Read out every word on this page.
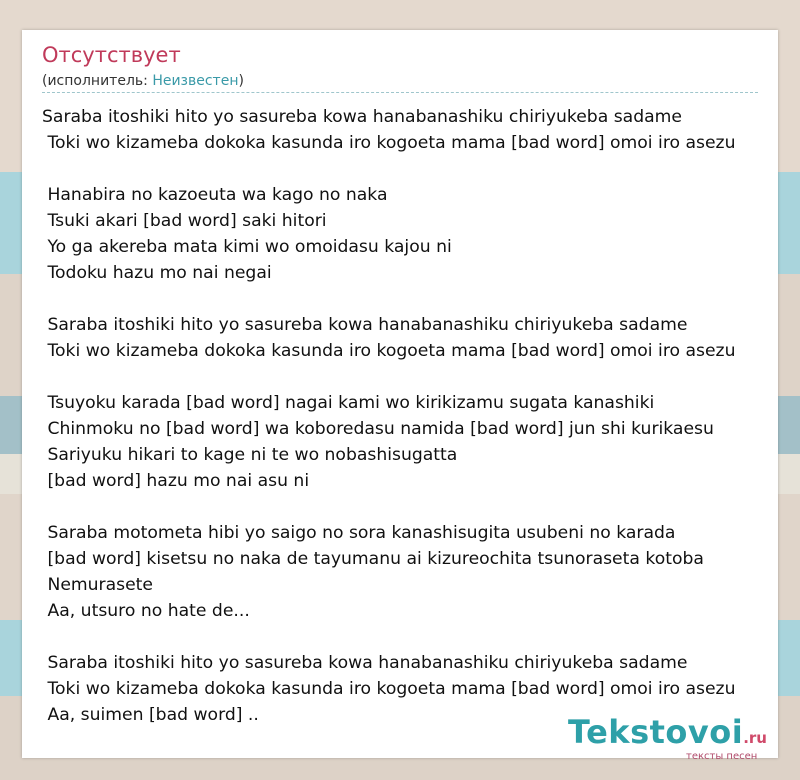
Отсутствует
(исполнитель: Неизвестен)
Saraba itoshiki hito yo sasureba kowa hanabanashiku chiriyukeba sadame
Toki wo kizameba dokoka kasunda iro kogoeta mama [bad word] omoi iro asezu
Hanabira no kazoeuta wa kago no naka
Tsuki akari [bad word] saki hitori
Yo ga akereba mata kimi wo omoidasu kajou ni
Todoku hazu mo nai negai
Saraba itoshiki hito yo sasureba kowa hanabanashiku chiriyukeba sadame
Toki wo kizameba dokoka kasunda iro kogoeta mama [bad word] omoi iro asezu
Tsuyoku karada [bad word] nagai kami wo kirikizamu sugata kanashiki
Chinmoku no [bad word] wa koboredasu namida [bad word] jun shi kurikaesu
Sariyuku hikari to kage ni te wo nobashisugatta
[bad word] hazu mo nai asu ni
Saraba motometa hibi yo saigo no sora kanashisugita usubeni no karada
[bad word] kisetsu no naka de tayumanu ai kizureochita tsunoraseta kotoba
Nemurasete
Aa, utsuro no hate de...
Saraba itoshiki hito yo sasureba kowa hanabanashiku chiriyukeba sadame
Toki wo kizameba dokoka kasunda iro kogoeta mama [bad word] omoi iro asezu
Aa, suimen [bad word] ..	Tekstovoi.ru
тексты песен
